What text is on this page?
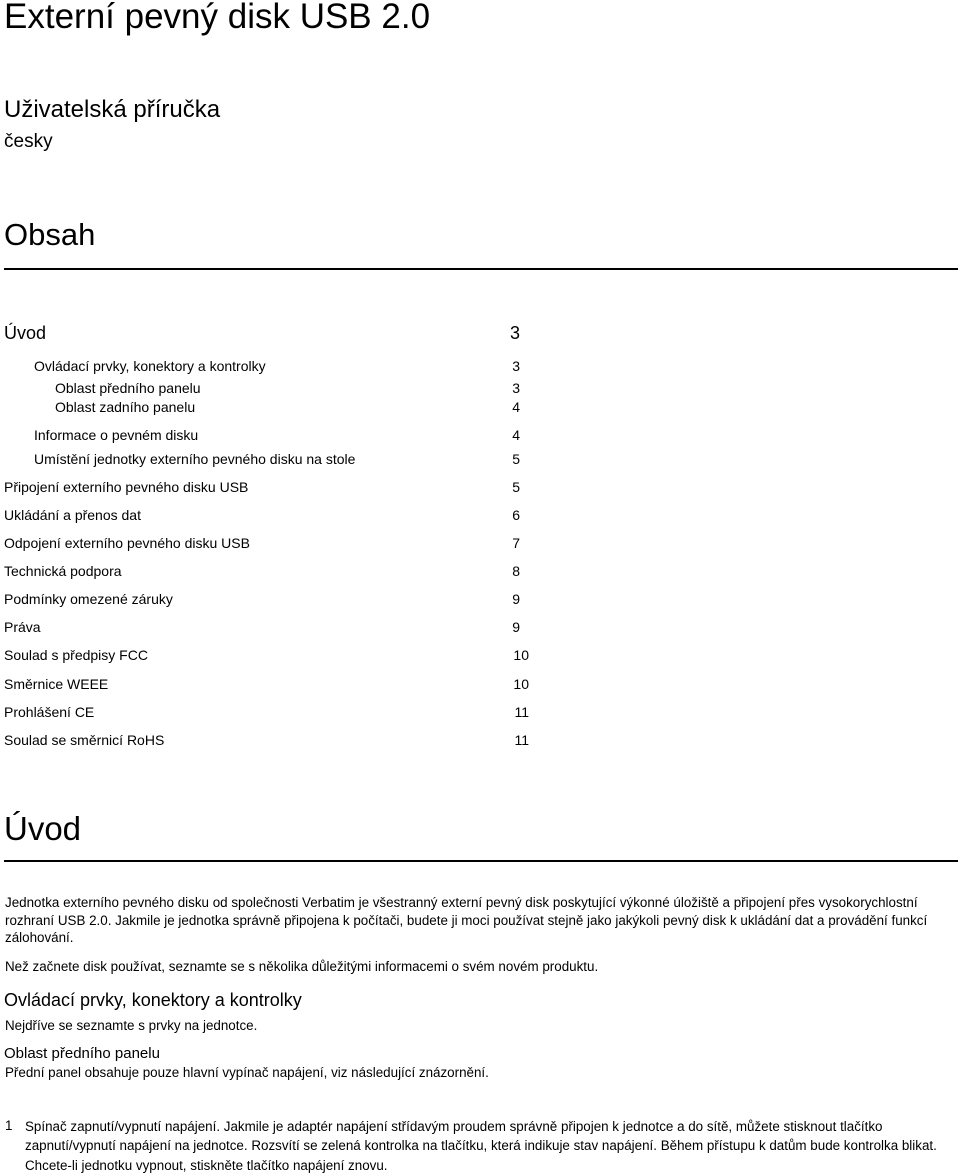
Externí pevný disk USB 2.0
Uživatelská příručka
česky
Obsah
Úvod	3
Ovládací prvky, konektory a kontrolky	3
Oblast předního panelu	3
Oblast zadního panelu	4
Informace o pevném disku	4
Umístění jednotky externího pevného disku na stole	5
Připojení externího pevného disku USB	5
Ukládání a přenos dat	6
Odpojení externího pevného disku USB	7
Technická podpora	8
Podmínky omezené záruky	9
Práva	9
Soulad s předpisy FCC	10
Směrnice WEEE	10
Prohlášení CE	11
Soulad se směrnicí RoHS	11
Úvod
Jednotka externího pevného disku od společnosti Verbatim je všestranný externí pevný disk poskytující výkonné úložiště a připojení přes vysokorychlostní rozhraní USB 2.0. Jakmile je jednotka správně připojena k počítači, budete ji moci používat stejně jako jakýkoli pevný disk k ukládání dat a provádění funkcí zálohování.
Než začnete disk používat, seznamte se s několika důležitými informacemi o svém novém produktu.
Ovládací prvky, konektory a kontrolky
Nejdříve se seznamte s prvky na jednotce.
Oblast předního panelu
Přední panel obsahuje pouze hlavní vypínač napájení, viz následující znázornění.
1 Spínač zapnutí/vypnutí napájení. Jakmile je adaptér napájení střídavým proudem správně připojen k jednotce a do sítě, můžete stisknout tlačítko zapnutí/vypnutí napájení na jednotce. Rozsvítí se zelená kontrolka na tlačítku, která indikuje stav napájení. Během přístupu k datům bude kontrolka blikat. Chcete-li jednotku vypnout, stiskněte tlačítko napájení znovu.
